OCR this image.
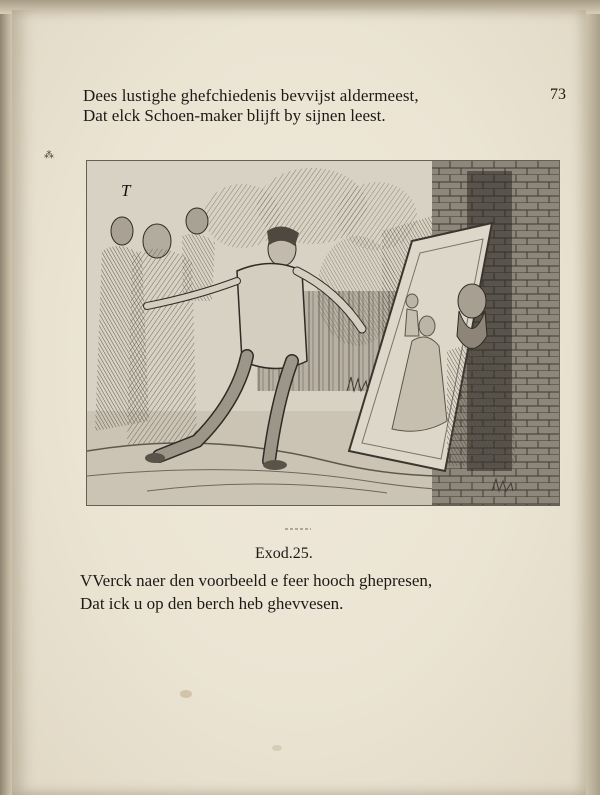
Dees lustighe ghefchiedenis bevvijst aldermeest,
Dat elck Schoen-maker blijft by sijnen leest.
73
⁂
T
Exod.25.
VVerck naer den voorbeeld e feer hooch ghepresen,
Dat ick u op den berch heb ghevvesen.
